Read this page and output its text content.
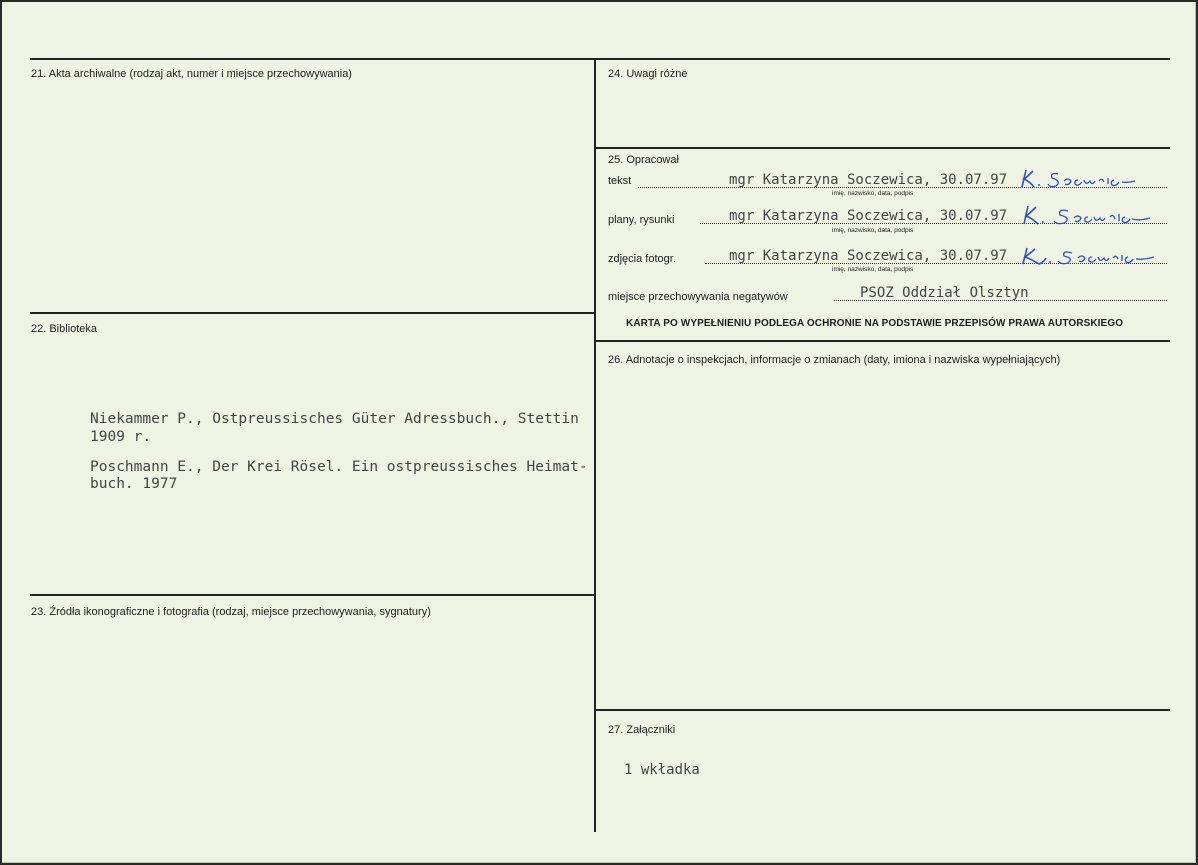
21. Akta archiwalne (rodzaj akt, numer i miejsce przechowywania)
22. Biblioteka
Niekammer P., Ostpreussisches Güter Adressbuch., Stettin
1909 r.
Poschmann E., Der Krei Rösel. Ein ostpreussisches Heimat-
buch. 1977
23. Źródła ikonograficzne i fotografia (rodzaj, miejsce przechowywania, sygnatury)
24. Uwagi różne
25. Opracował
tekst	mgr Katarzyna Soczewica, 30.07.97
imię, nazwisko, data, podpis
plany, rysunki	mgr Katarzyna Soczewica, 30.07.97
imię, nazwisko, data, podpis
zdjęcia fotogr.	mgr Katarzyna Soczewica, 30.07.97
imię, nazwisko, data, podpis
miejsce przechowywania negatywów	PSOZ Oddział Olsztyn
KARTA PO WYPEŁNIENIU PODLEGA OCHRONIE NA PODSTAWIE PRZEPISÓW PRAWA AUTORSKIEGO
26. Adnotacje o inspekcjach, informacje o zmianach (daty, imiona i nazwiska wypełniających)
27. Załączniki
1 wkładka
